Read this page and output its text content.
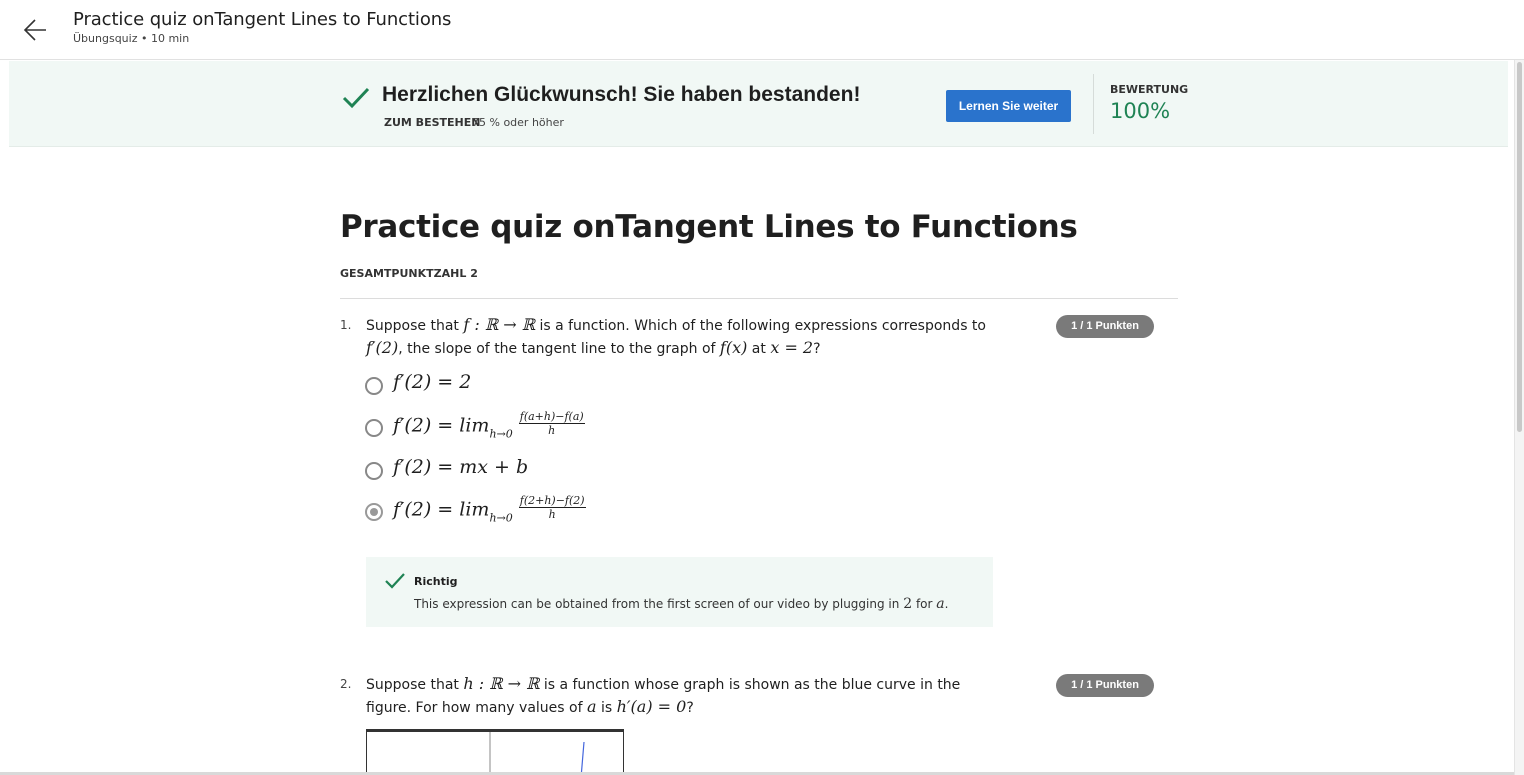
Practice quiz onTangent Lines to Functions
Übungsquiz • 10 min
Herzlichen Glückwunsch! Sie haben bestanden!
ZUM BESTEHEN
75 % oder höher
Lernen Sie weiter
BEWERTUNG
100%
Practice quiz onTangent Lines to Functions
GESAMTPUNKTZAHL 2
1. Suppose that f : ℝ → ℝ is a function. Which of the following expressions corresponds to f′(2), the slope of the tangent line to the graph of f(x) at x = 2?
1 / 1 Punkten
f′(2) = 2
$f'(2) = \lim_{h\to 0} \frac{f(a+h)-f(a)}{h}$
f′(2) = mx + b
$f'(2) = \lim_{h\to 0} \frac{f(2+h)-f(2)}{h}$
Richtig
This expression can be obtained from the first screen of our video by plugging in 2 for a.
2. Suppose that h : ℝ → ℝ is a function whose graph is shown as the blue curve in the figure. For how many values of a is h′(a) = 0?
1 / 1 Punkten
